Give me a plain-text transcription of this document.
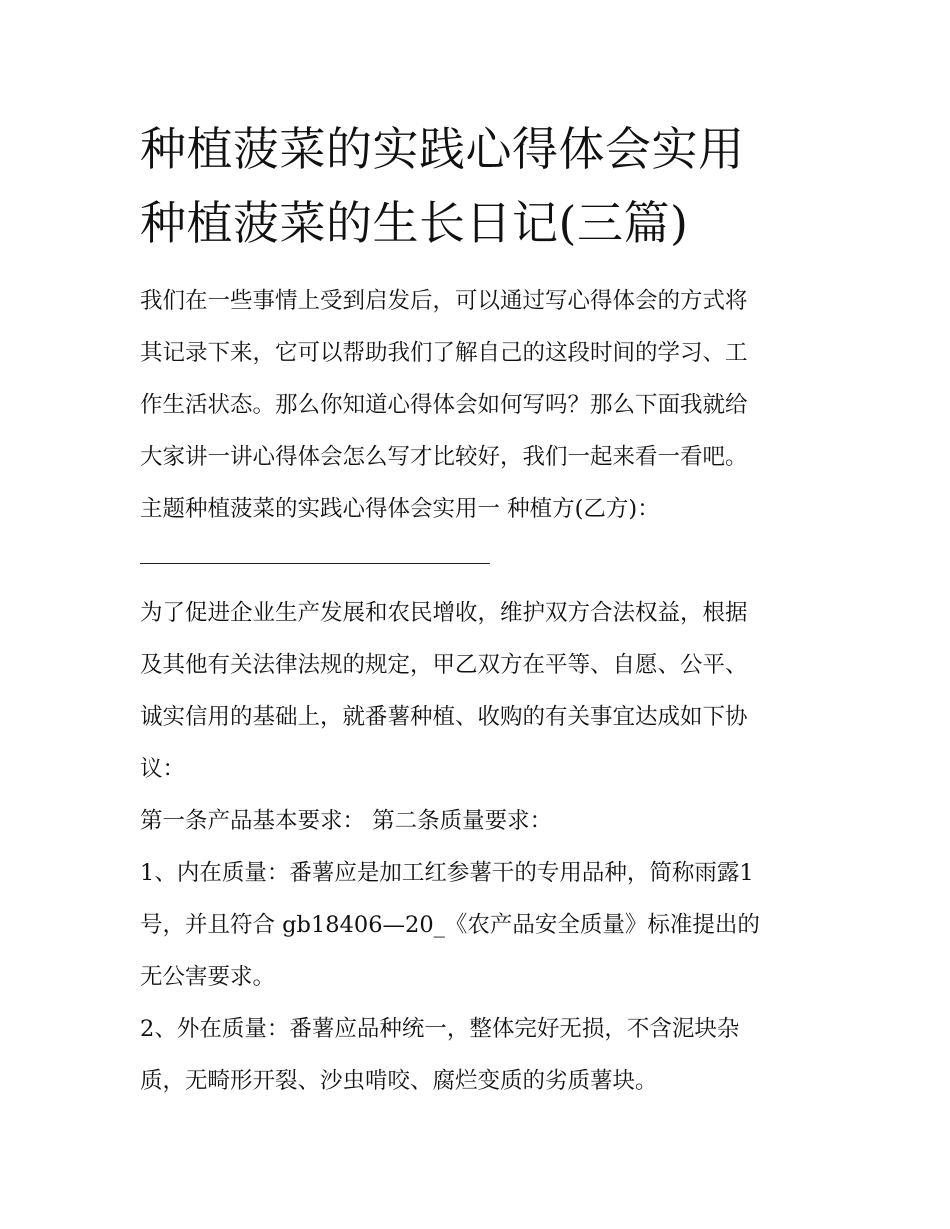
种植菠菜的实践心得体会实用
种植菠菜的生长日记(三篇)
我们在一些事情上受到启发后，可以通过写心得体会的方式将
其记录下来，它可以帮助我们了解自己的这段时间的学习、工
作生活状态。那么你知道心得体会如何写吗？那么下面我就给
大家讲一讲心得体会怎么写才比较好，我们一起来看一看吧。
主题种植菠菜的实践心得体会实用一 种植方(乙方)：
为了促进企业生产发展和农民增收，维护双方合法权益，根据
及其他有关法律法规的规定，甲乙双方在平等、自愿、公平、
诚实信用的基础上，就番薯种植、收购的有关事宜达成如下协
议：
第一条产品基本要求： 第二条质量要求：
1、内在质量：番薯应是加工红参薯干的专用品种，简称雨露1
号，并且符合 gb18406—20_《农产品安全质量》标准提出的
无公害要求。
2、外在质量：番薯应品种统一，整体完好无损，不含泥块杂
质，无畸形开裂、沙虫啃咬、腐烂变质的劣质薯块。
